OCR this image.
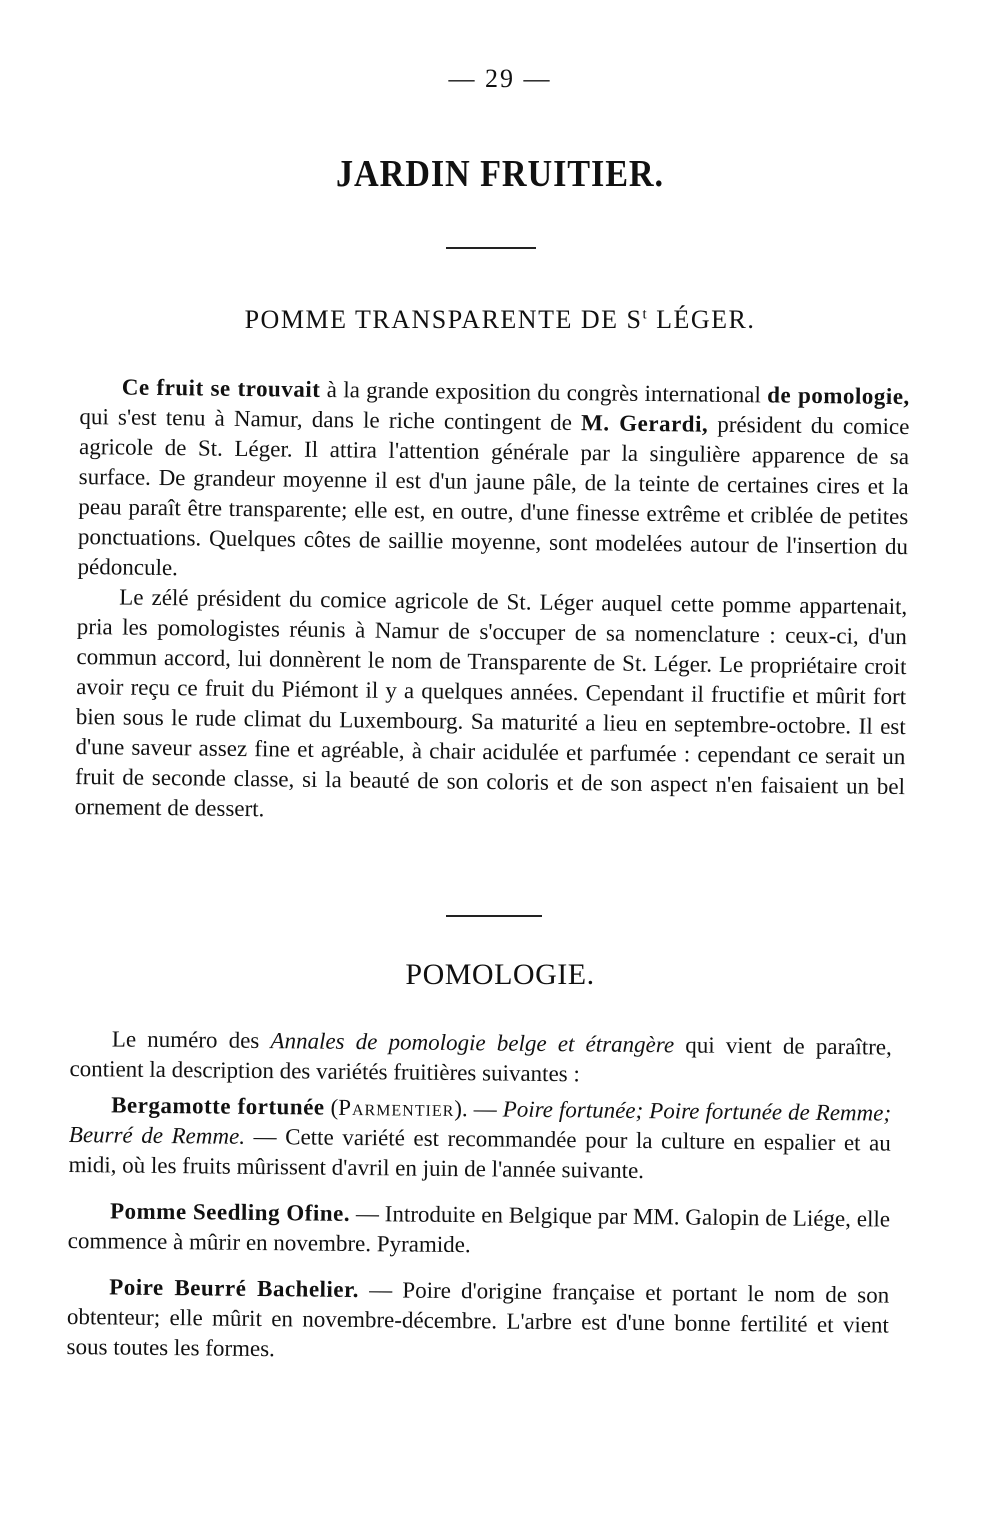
— 29 —
JARDIN FRUITIER.
POMME TRANSPARENTE DE $S^t$ LÉGER.

Ce fruit se trouvait à la grande exposition du congrès international de pomologie, qui s'est tenu à Namur, dans le riche contingent de M. Gerardi, président du comice agricole de St. Léger. Il attira l'attention générale par la singulière apparence de sa surface. De grandeur moyenne il est d'un jaune pâle, de la teinte de certaines cires et la peau paraît être transparente; elle est, en outre, d'une finesse extrême et criblée de petites ponctuations. Quelques côtes de saillie moyenne, sont modelées autour de l'insertion du pédoncule.

Le zélé président du comice agricole de St. Léger auquel cette pomme appartenait, pria les pomologistes réunis à Namur de s'occuper de sa nomenclature : ceux-ci, d'un commun accord, lui donnèrent le nom de Transparente de St. Léger. Le propriétaire croit avoir reçu ce fruit du Piémont il y a quelques années. Cependant il fructifie et mûrit fort bien sous le rude climat du Luxembourg. Sa maturité a lieu en septembre-octobre. Il est d'une saveur assez fine et agréable, à chair acidulée et parfumée : cependant ce serait un fruit de seconde classe, si la beauté de son coloris et de son aspect n'en faisaient un bel ornement de dessert.

POMOLOGIE.

Le numéro des Annales de pomologie belge et étrangère qui vient de paraître, contient la description des variétés fruitières suivantes :

Bergamotte fortunée (Parmentier). — Poire fortunée; Poire fortunée de Remme; Beurré de Remme. — Cette variété est recommandée pour la culture en espalier et au midi, où les fruits mûrissent d'avril en juin de l'année suivante.

Pomme Seedling Ofine. — Introduite en Belgique par MM. Galopin de Liége, elle commence à mûrir en novembre. Pyramide.

Poire Beurré Bachelier. — Poire d'origine française et portant le nom de son obtenteur; elle mûrit en novembre-décembre. L'arbre est d'une bonne fertilité et vient sous toutes les formes.
